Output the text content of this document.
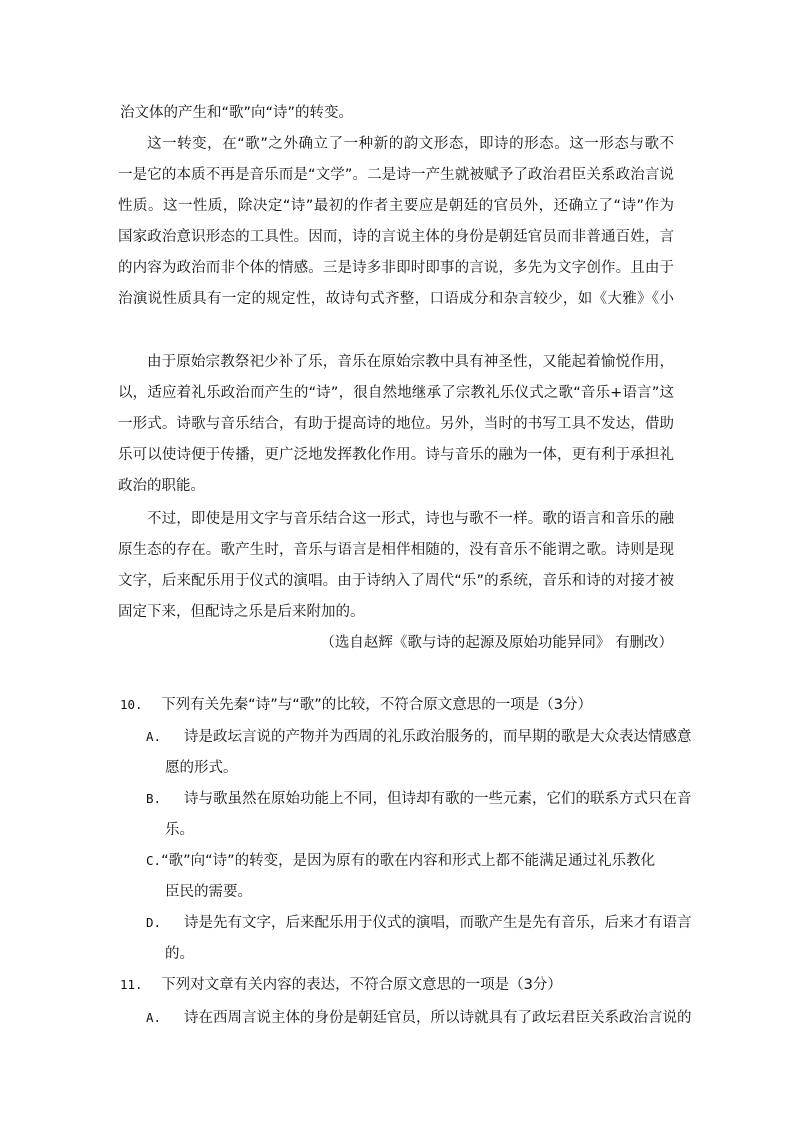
治文体的产生和“歌”向“诗”的转变。
这一转变，在“歌”之外确立了一种新的韵文形态，即诗的形态。这一形态与歌不
一是它的本质不再是音乐而是“文学”。二是诗一产生就被赋予了政治君臣关系政治言说
性质。这一性质，除决定“诗”最初的作者主要应是朝廷的官员外，还确立了“诗”作为
国家政治意识形态的工具性。因而，诗的言说主体的身份是朝廷官员而非普通百姓，言
的内容为政治而非个体的情感。三是诗多非即时即事的言说，多先为文字创作。且由于
治演说性质具有一定的规定性，故诗句式齐整，口语成分和杂言较少，如《大雅》《小
由于原始宗教祭祀少补了乐，音乐在原始宗教中具有神圣性，又能起着愉悦作用，
以，适应着礼乐政治而产生的“诗”，很自然地继承了宗教礼乐仪式之歌“音乐+语言”这
一形式。诗歌与音乐结合，有助于提高诗的地位。另外，当时的书写工具不发达，借助
乐可以使诗便于传播，更广泛地发挥教化作用。诗与音乐的融为一体，更有利于承担礼
政治的职能。
不过，即使是用文字与音乐结合这一形式，诗也与歌不一样。歌的语言和音乐的融
原生态的存在。歌产生时，音乐与语言是相伴相随的，没有音乐不能谓之歌。诗则是现
文字，后来配乐用于仪式的演唱。由于诗纳入了周代“乐”的系统，音乐和诗的对接才被
固定下来，但配诗之乐是后来附加的。
（选自赵辉《歌与诗的起源及原始功能异同》 有删改）
10. 下列有关先秦“诗”与“歌”的比较，不符合原文意思的一项是（3分）
A. 诗是政坛言说的产物并为西周的礼乐政治服务的，而早期的歌是大众表达情感意
愿的形式。
B. 诗与歌虽然在原始功能上不同，但诗却有歌的一些元素，它们的联系方式只在音
乐。
C.“歌”向“诗”的转变，是因为原有的歌在内容和形式上都不能满足通过礼乐教化
臣民的需要。
D. 诗是先有文字，后来配乐用于仪式的演唱，而歌产生是先有音乐，后来才有语言
的。
11. 下列对文章有关内容的表达，不符合原文意思的一项是（3分）
A. 诗在西周言说主体的身份是朝廷官员，所以诗就具有了政坛君臣关系政治言说的
